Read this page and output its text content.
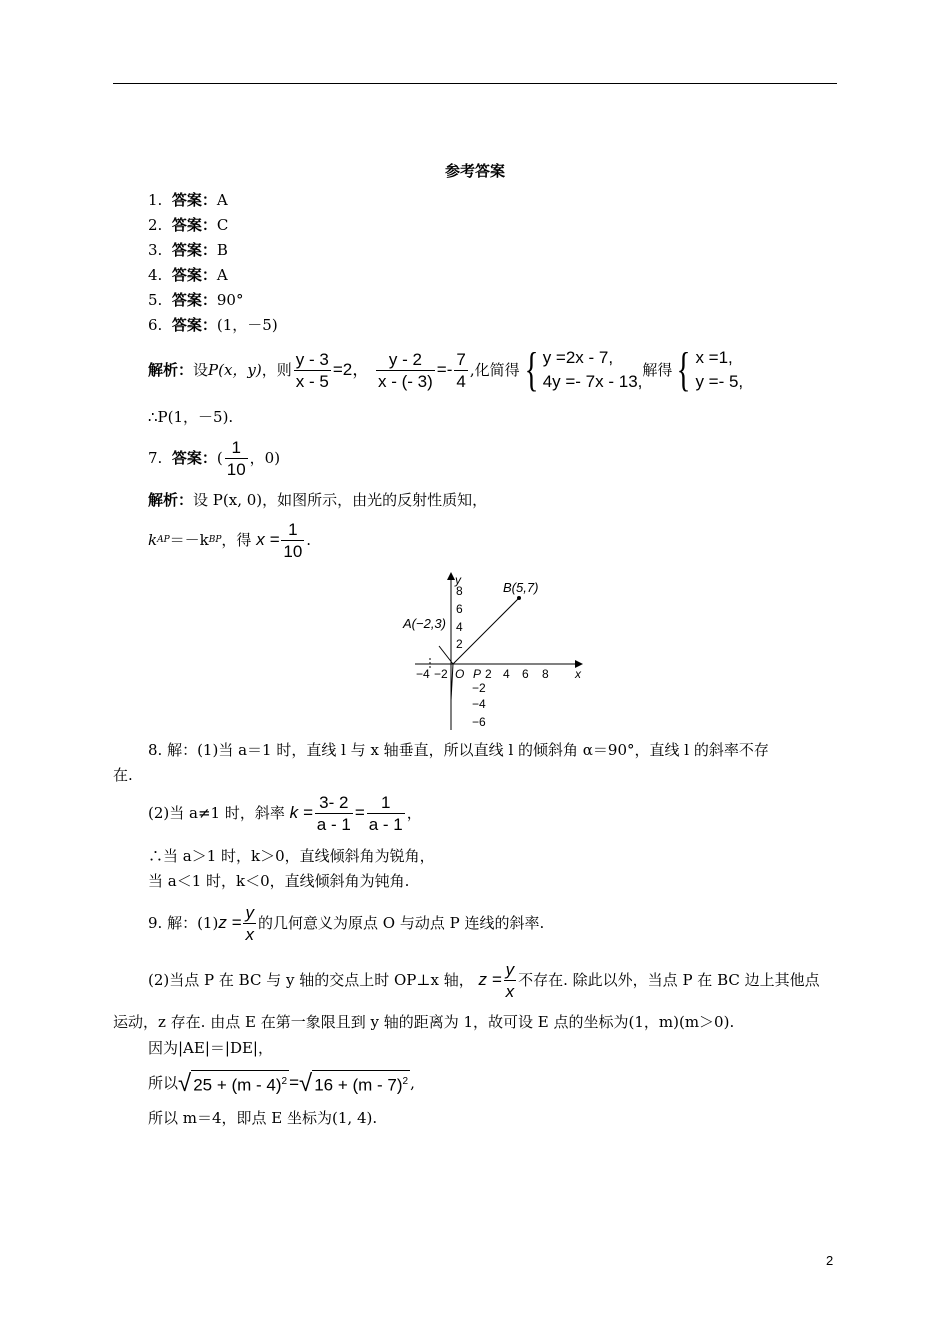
参考答案
1. 答案：A
2. 答案：C
3. 答案：B
4. 答案：A
5. 答案：90°
6. 答案：(1，－5)
解析： 设 P (x，y) ，则 $\frac{y - 3}{x - 5} =2$，
$\frac{y - 2}{x - (- 3)} =- \frac{7}{4}$ ,化简得 { y =2x - 7,
4y =- 7x - 13,
解得 { x =1,
y =- 5,
∴P(1，－5).
7.
答案： ( $\frac{1}{10}$ ，0)
解析：设 P(x, 0)，如图所示，由光的反射性质知，
k AP ＝－k BP ，得
$x = \frac{1}{10}$ .
B(5,7)
A(−2,3)
y
x
O P
8
6
4
2
−2
−4
−6
−4 −2	2 4 6 8
8. 解：(1)当 a＝1 时，直线 l 与 x 轴垂直，所以直线 l 的倾斜角 α＝90°，直线 l 的斜率不存
在.
(2)当 a≠1 时，斜率
$k = \frac{3- 2}{a - 1} = \frac{1}{a - 1}$ ，
∴当 a＞1 时，k＞0，直线倾斜角为锐角，
当 a＜1 时，k＜0，直线倾斜角为钝角.
9. 解：(1) $z = \frac{y}{x}$ 的几何意义为原点 O 与动点 P 连线的斜率.
(2)当点 P 在 BC 与 y 轴的交点上时 OP⊥x 轴，
$z = \frac{y}{x}$ 不存在. 除此以外，当点 P 在 BC 边上其他点
运动，z 存在. 由点 E 在第一象限且到 y 轴的距离为 1，故可设 E 点的坐标为(1，m)(m＞0).
因为|AE|＝|DE|，
所以 √ 25 + (m - 4)$^2$ = √ 16 + (m - 7)$^2$ ,
所以 m＝4，即点 E 坐标为(1, 4).
2
